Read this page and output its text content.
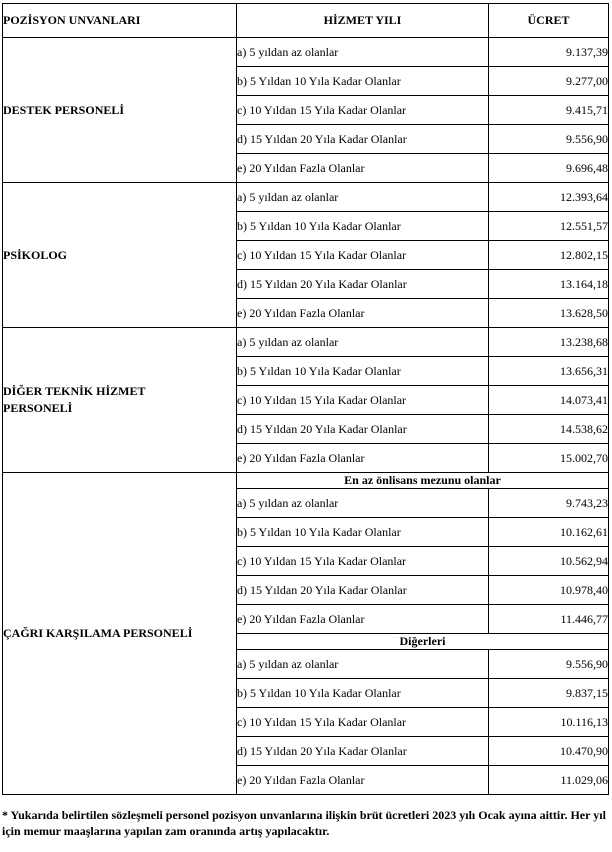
POZİSYON UNVANLARI	HİZMET YILI	ÜCRET
DESTEK PERSONELİ	a) 5 yıldan az olanlar	9.137,39
	b) 5 Yıldan 10 Yıla Kadar Olanlar	9.277,00
	c) 10 Yıldan 15 Yıla Kadar Olanlar	9.415,71
	d) 15 Yıldan 20 Yıla Kadar Olanlar	9.556,90
	e) 20 Yıldan Fazla Olanlar	9.696,48
PSİKOLOG	a) 5 yıldan az olanlar	12.393,64
	b) 5 Yıldan 10 Yıla Kadar Olanlar	12.551,57
	c) 10 Yıldan 15 Yıla Kadar Olanlar	12.802,15
	d) 15 Yıldan 20 Yıla Kadar Olanlar	13.164,18
	e) 20 Yıldan Fazla Olanlar	13.628,50
DİĞER TEKNİK HİZMET
PERSONELİ	a) 5 yıldan az olanlar	13.238,68
	b) 5 Yıldan 10 Yıla Kadar Olanlar	13.656,31
	c) 10 Yıldan 15 Yıla Kadar Olanlar	14.073,41
	d) 15 Yıldan 20 Yıla Kadar Olanlar	14.538,62
	e) 20 Yıldan Fazla Olanlar	15.002,70
ÇAĞRI KARŞILAMA PERSONELİ	En az önlisans mezunu olanlar	
	a) 5 yıldan az olanlar	9.743,23
	b) 5 Yıldan 10 Yıla Kadar Olanlar	10.162,61
	c) 10 Yıldan 15 Yıla Kadar Olanlar	10.562,94
	d) 15 Yıldan 20 Yıla Kadar Olanlar	10.978,40
	e) 20 Yıldan Fazla Olanlar	11.446,77
	Diğerleri	
	a) 5 yıldan az olanlar	9.556,90
	b) 5 Yıldan 10 Yıla Kadar Olanlar	9.837,15
	c) 10 Yıldan 15 Yıla Kadar Olanlar	10.116,13
	d) 15 Yıldan 20 Yıla Kadar Olanlar	10.470,90
	e) 20 Yıldan Fazla Olanlar	11.029,06
* Yukarıda belirtilen sözleşmeli personel pozisyon unvanlarına ilişkin brüt ücretleri 2023 yılı Ocak ayına aittir. Her yıl için memur maaşlarına yapılan zam oranında artış yapılacaktır.
